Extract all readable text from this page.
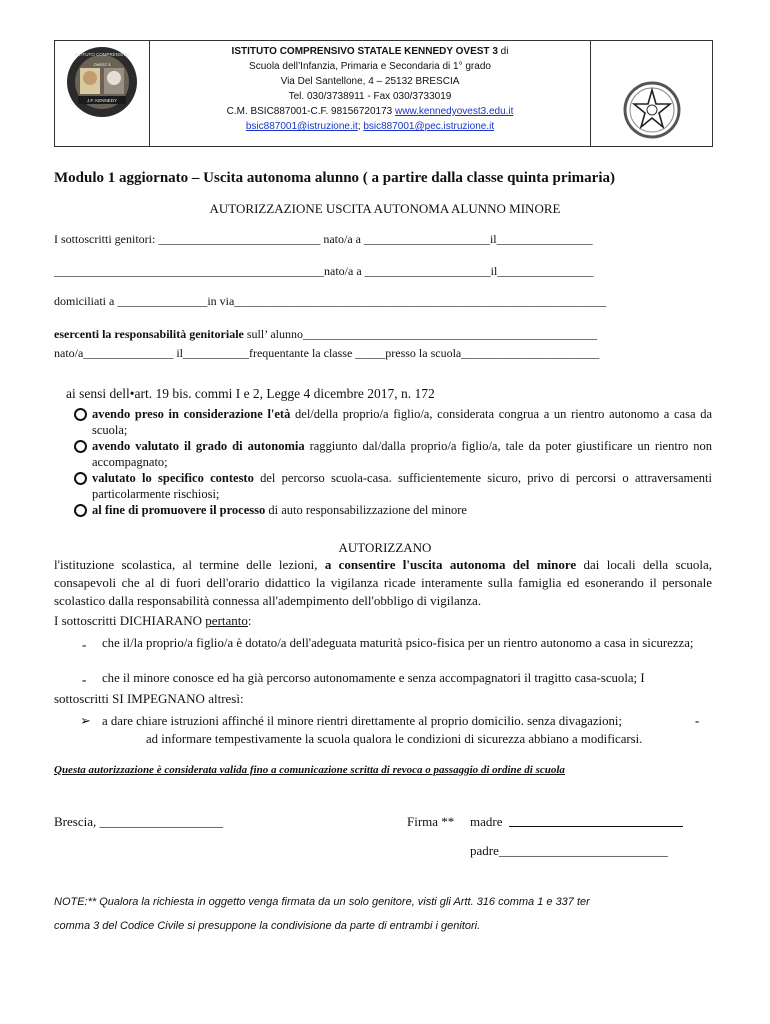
ISTITUTO COMPRENSIVO
J.F. KENNEDY
OVEST 3
ISTITUTO COMPRENSIVO STATALE KENNEDY OVEST 3 di
Scuola dell’Infanzia, Primaria e Secondaria di 1° grado
Via Del Santellone, 4 – 25132 BRESCIA
Tel. 030/3738911 - Fax 030/3733019
C.M. BSIC887001-C.F. 98156720173 www.kennedyovest3.edu.it
bsic887001@istruzione.it; bsic887001@pec.istruzione.it
Modulo 1 aggiornato – Uscita autonoma alunno ( a partire dalla classe quinta primaria)
AUTORIZZAZIONE USCITA AUTONOMA ALUNNO MINORE
I sottoscritti genitori: ___________________________ nato/a a _____________________il________________
_____________________________________________nato/a a _____________________il________________
domiciliati a _______________in via______________________________________________________________
esercenti la responsabilità genitoriale sull’ alunno_________________________________________________
nato/a_______________ il___________frequentante la classe _____presso la scuola_______________________
ai sensi dell•art. 19 bis. commi I e 2, Legge 4 dicembre 2017, n. 172
avendo preso in considerazione l'età del/della proprio/a figlio/a, considerata congrua a un rientro autonomo a casa da scuola;
avendo valutato il grado di autonomia raggiunto dal/dalla proprio/a figlio/a, tale da poter giustificare un rientro non accompagnato;
valutato lo specifico contesto del percorso scuola-casa. sufficientemente sicuro, privo di percorsi o attraversamenti particolarmente rischiosi;
al fine di promuovere il processo di auto responsabilizzazione del minore
AUTORIZZANO
l'istituzione scolastica, al termine delle lezioni, a consentire l'uscita autonoma del minore dai locali della scuola, consapevoli che al di fuori dell'orario didattico la vigilanza ricade interamente sulla famiglia ed esonerando il personale scolastico dalla responsabilità connessa all'adempimento dell'obbligo di vigilanza.
I sottoscritti DICHIARANO pertanto:
- che il/la proprio/a figlio/a è dotato/a dell'adeguata maturità psico-fisica per un rientro autonomo a casa in sicurezza;
- che il minore conosce ed ha già percorso autonomamente e senza accompagnatori il tragitto casa-scuola; I
sottoscritti SI IMPEGNANO altresì:
➢ a dare chiare istruzioni affinché il minore rientri direttamente al proprio domicilio. senza divagazioni;	-
ad informare tempestivamente la scuola qualora le condizioni di sicurezza abbiano a modificarsi.
Questa autorizzazione è considerata valida fino a comunicazione scritta di revoca o passaggio di ordine di scuola
Brescia, ___________________	Firma ** madre
padre__________________________
NOTE:** Qualora la richiesta in oggetto venga firmata da un solo genitore, visti gli Artt. 316 comma 1 e 337 ter
comma 3 del Codice Civile si presuppone la condivisione da parte di entrambi i genitori.
